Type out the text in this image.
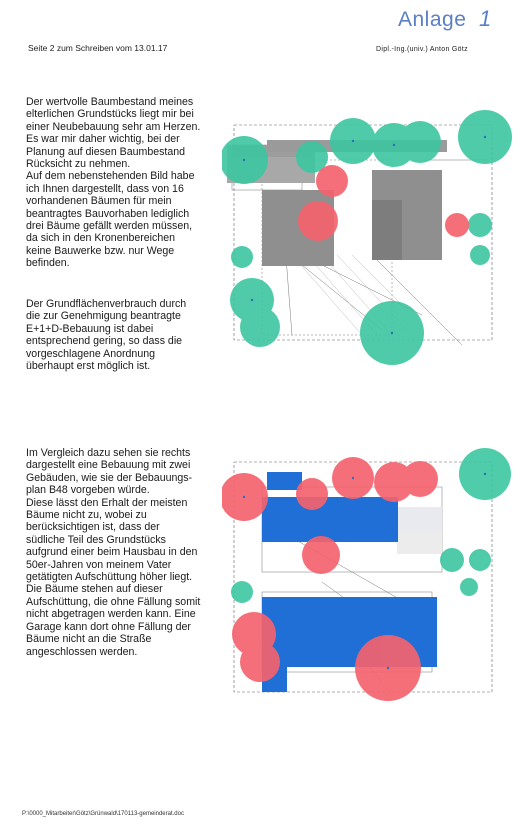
Anlage 1
Seite 2 zum Schreiben vom 13.01.17	Dipl.-Ing.(univ.) Anton Götz
Der wertvolle Baumbestand meines
elterlichen Grundstücks liegt mir bei
einer Neubebauung sehr am Herzen.
Es war mir daher wichtig, bei der
Planung auf diesen Baumbestand
Rücksicht zu nehmen.
Auf dem nebenstehenden Bild habe
ich Ihnen dargestellt, dass von 16
vorhandenen Bäumen für mein
beantragtes Bauvorhaben lediglich
drei Bäume gefällt werden müssen,
da sich in den Kronenbereichen
keine Bauwerke bzw. nur Wege
befinden.
Der Grundflächenverbrauch durch
die zur Genehmigung beantragte
E+1+D-Bebauung ist dabei
entsprechend gering, so dass die
vorgeschlagene Anordnung
überhaupt erst möglich ist.
Im Vergleich dazu sehen sie rechts
dargestellt eine Bebauung mit zwei
Gebäuden, wie sie der Bebauungs-
plan B48 vorgeben würde.
Diese lässt den Erhalt der meisten
Bäume nicht zu, wobei zu
berücksichtigen ist, dass der
südliche Teil des Grundstücks
aufgrund einer beim Hausbau in den
50er-Jahren von meinem Vater
getätigten Aufschüttung höher liegt.
Die Bäume stehen auf dieser
Aufschüttung, die ohne Fällung somit
nicht abgetragen werden kann. Eine
Garage kann dort ohne Fällung der
Bäume nicht an die Straße
angeschlossen werden.
P:\0000_Mitarbeiter\Götz\Grünwald\170113-gemeinderat.doc
